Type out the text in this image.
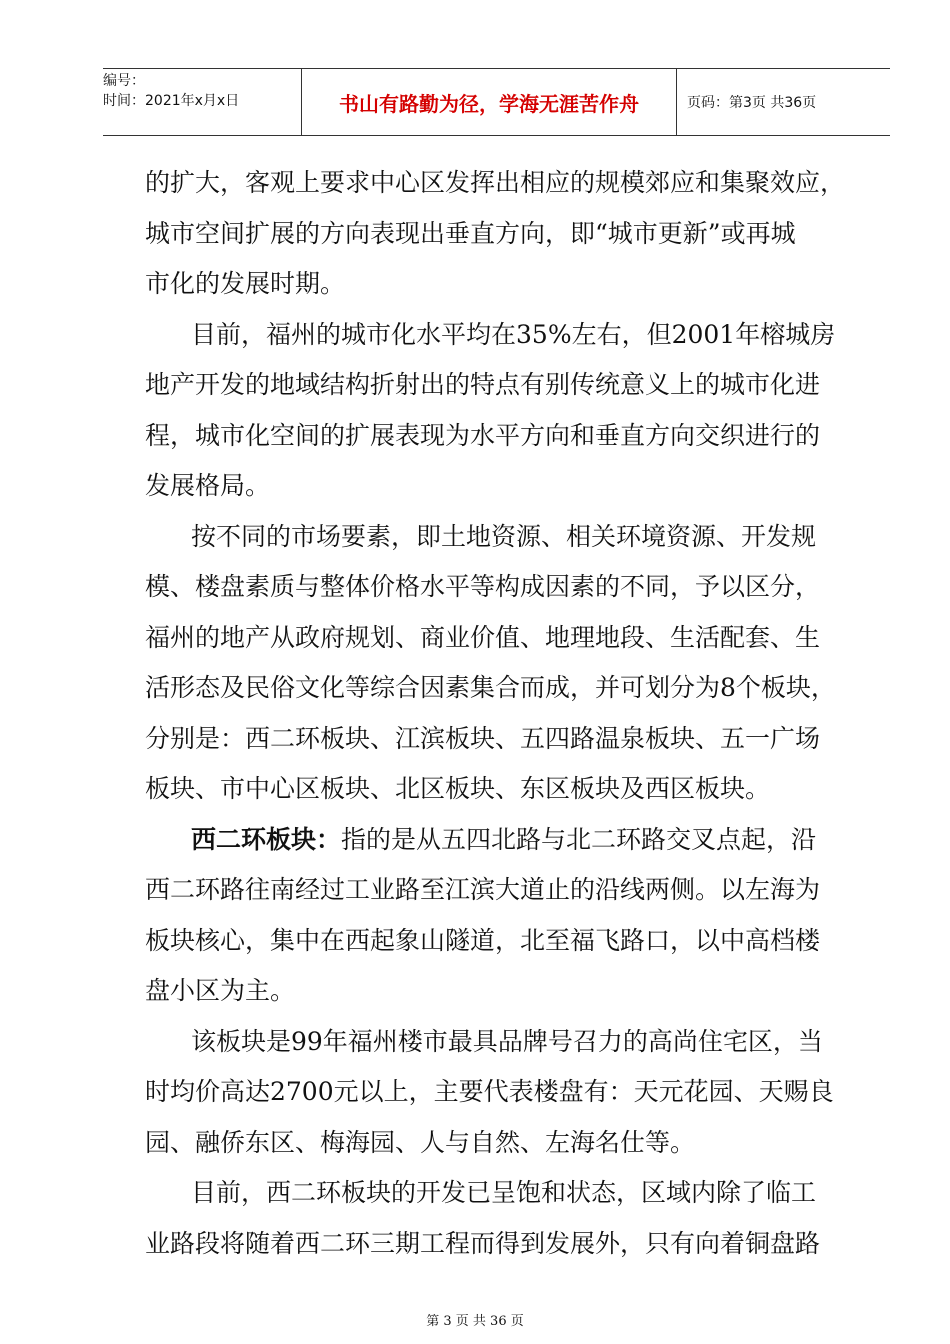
编号：
时间：2021年x月x日	书山有路勤为径，学海无涯苦作舟	页码：第3页 共36页
的扩大，客观上要求中心区发挥出相应的规模郊应和集聚效应，
城市空间扩展的方向表现出垂直方向，即“城市更新”或再城
市化的发展时期。
目前，福州的城市化水平均在35%左右，但2001年榕城房
地产开发的地域结构折射出的特点有别传统意义上的城市化进
程，城市化空间的扩展表现为水平方向和垂直方向交织进行的
发展格局。
按不同的市场要素，即土地资源、相关环境资源、开发规
模、楼盘素质与整体价格水平等构成因素的不同，予以区分，
福州的地产从政府规划、商业价值、地理地段、生活配套、生
活形态及民俗文化等综合因素集合而成，并可划分为8个板块，
分别是：西二环板块、江滨板块、五四路温泉板块、五一广场
板块、市中心区板块、北区板块、东区板块及西区板块。
西二环板块：指的是从五四北路与北二环路交叉点起，沿
西二环路往南经过工业路至江滨大道止的沿线两侧。以左海为
板块核心，集中在西起象山隧道，北至福飞路口，以中高档楼
盘小区为主。
该板块是99年福州楼市最具品牌号召力的高尚住宅区，当
时均价高达2700元以上，主要代表楼盘有：天元花园、天赐良
园、融侨东区、梅海园、人与自然、左海名仕等。
目前，西二环板块的开发已呈饱和状态，区域内除了临工
业路段将随着西二环三期工程而得到发展外，只有向着铜盘路
第 3 页 共 36 页
